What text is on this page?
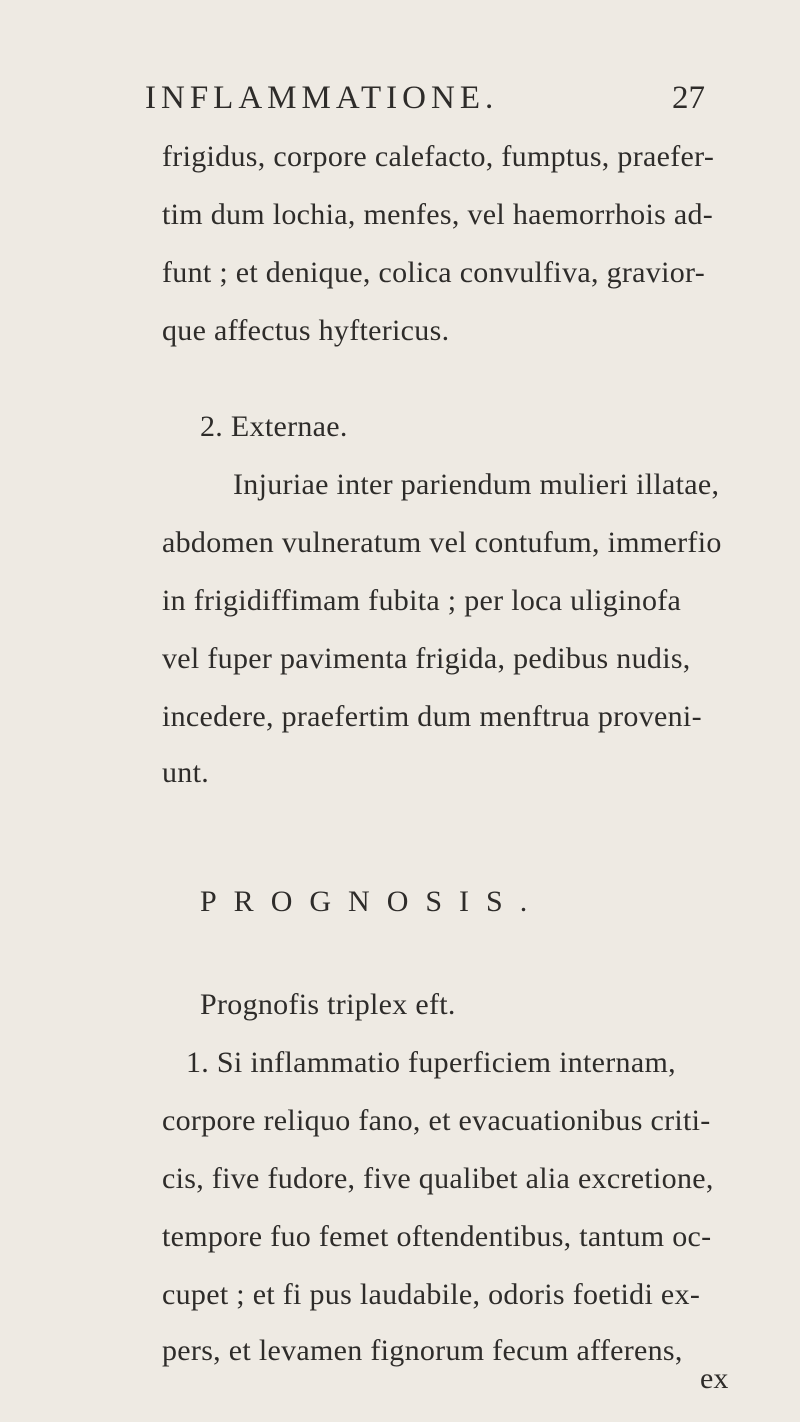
INFLAMMATIONE.	27
frigidus, corpore calefacto, fumptus, praefer-
tim dum lochia, menfes, vel haemorrhois ad-
funt ; et denique, colica convulfiva, gravior-
que affectus hyftericus.
2. Externae.
Injuriae inter pariendum mulieri illatae,
abdomen vulneratum vel contufum, immerfio
in frigidiffimam fubita ; per loca uliginofa
vel fuper pavimenta frigida, pedibus nudis,
incedere, praefertim dum menftrua proveni-
unt.
PROGNOSIS.
Prognofis triplex eft.
1. Si inflammatio fuperficiem internam,
corpore reliquo fano, et evacuationibus criti-
cis, five fudore, five qualibet alia excretione,
tempore fuo femet oftendentibus, tantum oc-
cupet ; et fi pus laudabile, odoris foetidi ex-
pers, et levamen fignorum fecum afferens,
ex
